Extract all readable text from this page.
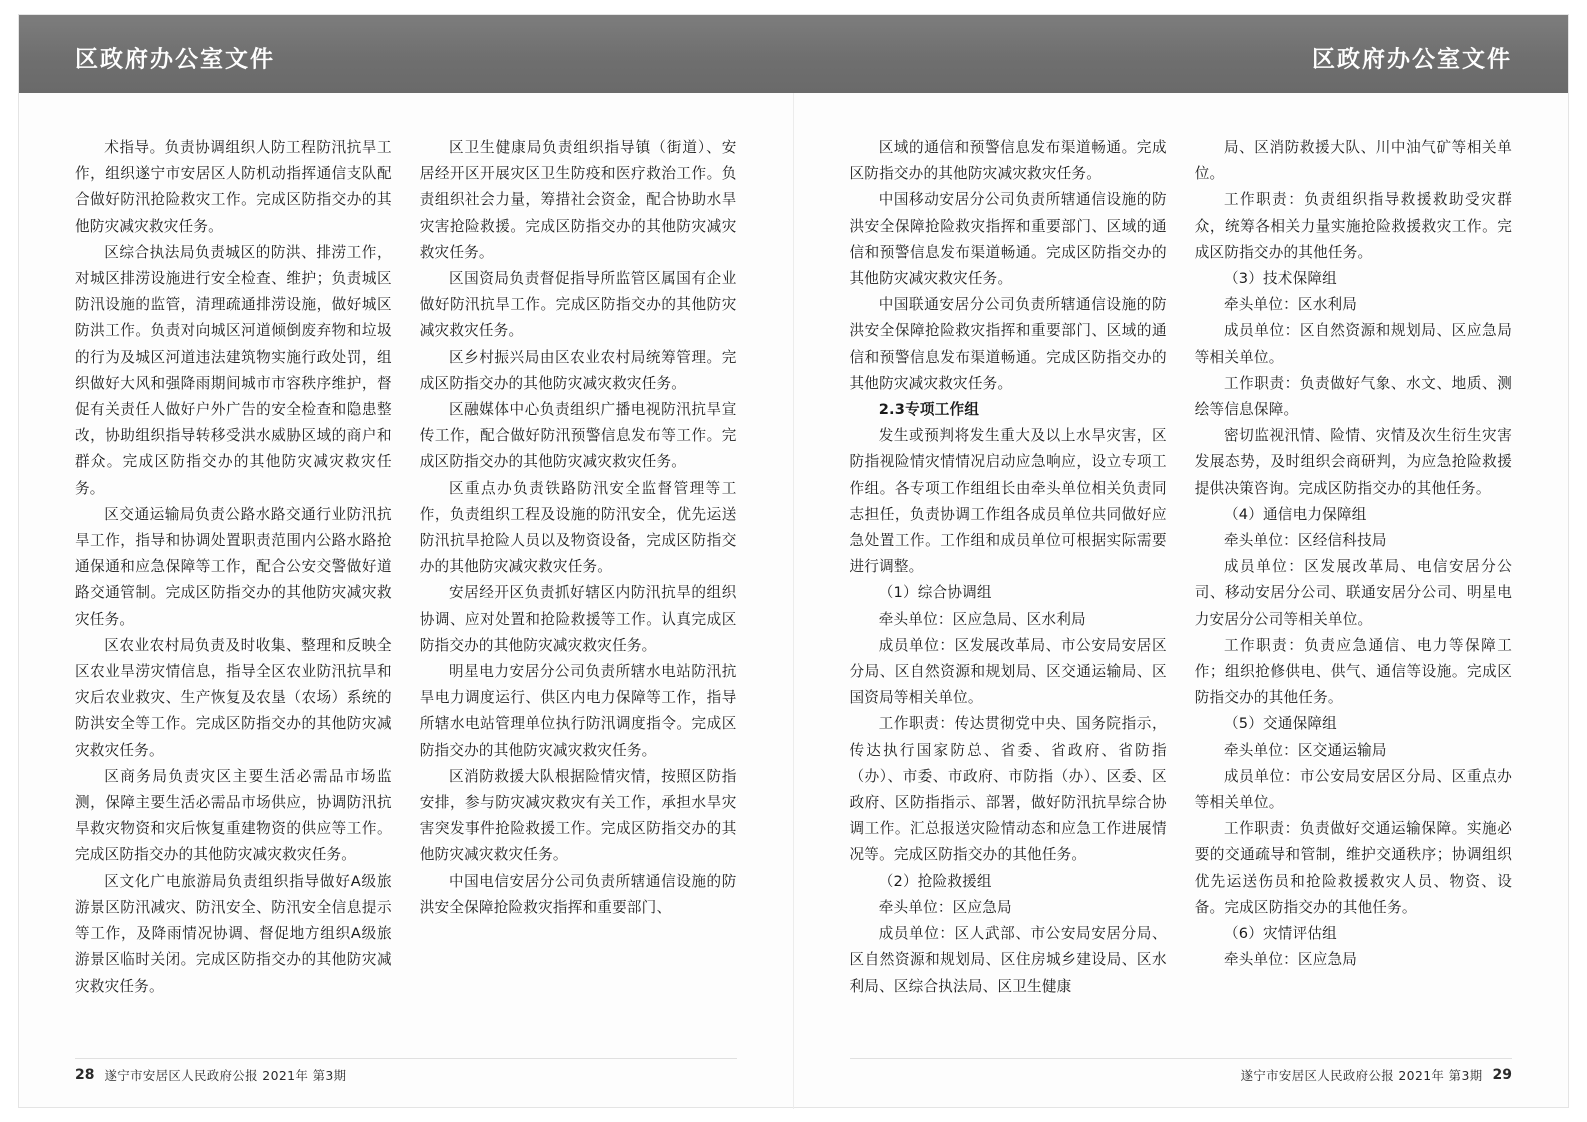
区政府办公室文件	区政府办公室文件

术指导。负责协调组织人防工程防汛抗旱工作，组织遂宁市安居区人防机动指挥通信支队配合做好防汛抢险救灾工作。完成区防指交办的其他防灾减灾救灾任务。

区综合执法局负责城区的防洪、排涝工作，对城区排涝设施进行安全检查、维护；负责城区防汛设施的监管，清理疏通排涝设施，做好城区防洪工作。负责对向城区河道倾倒废弃物和垃圾的行为及城区河道违法建筑物实施行政处罚，组织做好大风和强降雨期间城市市容秩序维护，督促有关责任人做好户外广告的安全检查和隐患整改，协助组织指导转移受洪水威胁区域的商户和群众。完成区防指交办的其他防灾减灾救灾任务。

区交通运输局负责公路水路交通行业防汛抗旱工作，指导和协调处置职责范围内公路水路抢通保通和应急保障等工作，配合公安交警做好道路交通管制。完成区防指交办的其他防灾减灾救灾任务。

区农业农村局负责及时收集、整理和反映全区农业旱涝灾情信息，指导全区农业防汛抗旱和灾后农业救灾、生产恢复及农垦（农场）系统的防洪安全等工作。完成区防指交办的其他防灾减灾救灾任务。

区商务局负责灾区主要生活必需品市场监测，保障主要生活必需品市场供应，协调防汛抗旱救灾物资和灾后恢复重建物资的供应等工作。完成区防指交办的其他防灾减灾救灾任务。

区文化广电旅游局负责组织指导做好A级旅游景区防汛减灾、防汛安全、防汛安全信息提示等工作，及降雨情况协调、督促地方组织A级旅游景区临时关闭。完成区防指交办的其他防灾减灾救灾任务。

区卫生健康局负责组织指导镇（街道）、安居经开区开展灾区卫生防疫和医疗救治工作。负责组织社会力量，筹措社会资金，配合协助水旱灾害抢险救援。完成区防指交办的其他防灾减灾救灾任务。

区国资局负责督促指导所监管区属国有企业做好防汛抗旱工作。完成区防指交办的其他防灾减灾救灾任务。

区乡村振兴局由区农业农村局统筹管理。完成区防指交办的其他防灾减灾救灾任务。

区融媒体中心负责组织广播电视防汛抗旱宣传工作，配合做好防汛预警信息发布等工作。完成区防指交办的其他防灾减灾救灾任务。

区重点办负责铁路防汛安全监督管理等工作，负责组织工程及设施的防汛安全，优先运送防汛抗旱抢险人员以及物资设备，完成区防指交办的其他防灾减灾救灾任务。

安居经开区负责抓好辖区内防汛抗旱的组织协调、应对处置和抢险救援等工作。认真完成区防指交办的其他防灾减灾救灾任务。

明星电力安居分公司负责所辖水电站防汛抗旱电力调度运行、供区内电力保障等工作，指导所辖水电站管理单位执行防汛调度指令。完成区防指交办的其他防灾减灾救灾任务。

区消防救援大队根据险情灾情，按照区防指安排，参与防灾减灾救灾有关工作，承担水旱灾害突发事件抢险救援工作。完成区防指交办的其他防灾减灾救灾任务。

中国电信安居分公司负责所辖通信设施的防洪安全保障抢险救灾指挥和重要部门、

28 遂宁市安居区人民政府公报 2021年 第3期

区域的通信和预警信息发布渠道畅通。完成区防指交办的其他防灾减灾救灾任务。

中国移动安居分公司负责所辖通信设施的防洪安全保障抢险救灾指挥和重要部门、区域的通信和预警信息发布渠道畅通。完成区防指交办的其他防灾减灾救灾任务。

中国联通安居分公司负责所辖通信设施的防洪安全保障抢险救灾指挥和重要部门、区域的通信和预警信息发布渠道畅通。完成区防指交办的其他防灾减灾救灾任务。

2.3专项工作组

发生或预判将发生重大及以上水旱灾害，区防指视险情灾情情况启动应急响应，设立专项工作组。各专项工作组组长由牵头单位相关负责同志担任，负责协调工作组各成员单位共同做好应急处置工作。工作组和成员单位可根据实际需要进行调整。

（1）综合协调组

牵头单位：区应急局、区水利局

成员单位：区发展改革局、市公安局安居区分局、区自然资源和规划局、区交通运输局、区国资局等相关单位。

工作职责：传达贯彻党中央、国务院指示，传达执行国家防总、省委、省政府、省防指（办）、市委、市政府、市防指（办）、区委、区政府、区防指指示、部署，做好防汛抗旱综合协调工作。汇总报送灾险情动态和应急工作进展情况等。完成区防指交办的其他任务。

（2）抢险救援组

牵头单位：区应急局

成员单位：区人武部、市公安局安居分局、区自然资源和规划局、区住房城乡建设局、区水利局、区综合执法局、区卫生健康

局、区消防救援大队、川中油气矿等相关单位。

工作职责：负责组织指导救援救助受灾群众，统筹各相关力量实施抢险救援救灾工作。完成区防指交办的其他任务。

（3）技术保障组

牵头单位：区水利局

成员单位：区自然资源和规划局、区应急局等相关单位。

工作职责：负责做好气象、水文、地质、测绘等信息保障。

密切监视汛情、险情、灾情及次生衍生灾害发展态势，及时组织会商研判，为应急抢险救援提供决策咨询。完成区防指交办的其他任务。

（4）通信电力保障组

牵头单位：区经信科技局

成员单位：区发展改革局、电信安居分公司、移动安居分公司、联通安居分公司、明星电力安居分公司等相关单位。

工作职责：负责应急通信、电力等保障工作；组织抢修供电、供气、通信等设施。完成区防指交办的其他任务。

（5）交通保障组

牵头单位：区交通运输局

成员单位：市公安局安居区分局、区重点办等相关单位。

工作职责：负责做好交通运输保障。实施必要的交通疏导和管制，维护交通秩序；协调组织优先运送伤员和抢险救援救灾人员、物资、设备。完成区防指交办的其他任务。

（6）灾情评估组

牵头单位：区应急局

遂宁市安居区人民政府公报 2021年 第3期 29
